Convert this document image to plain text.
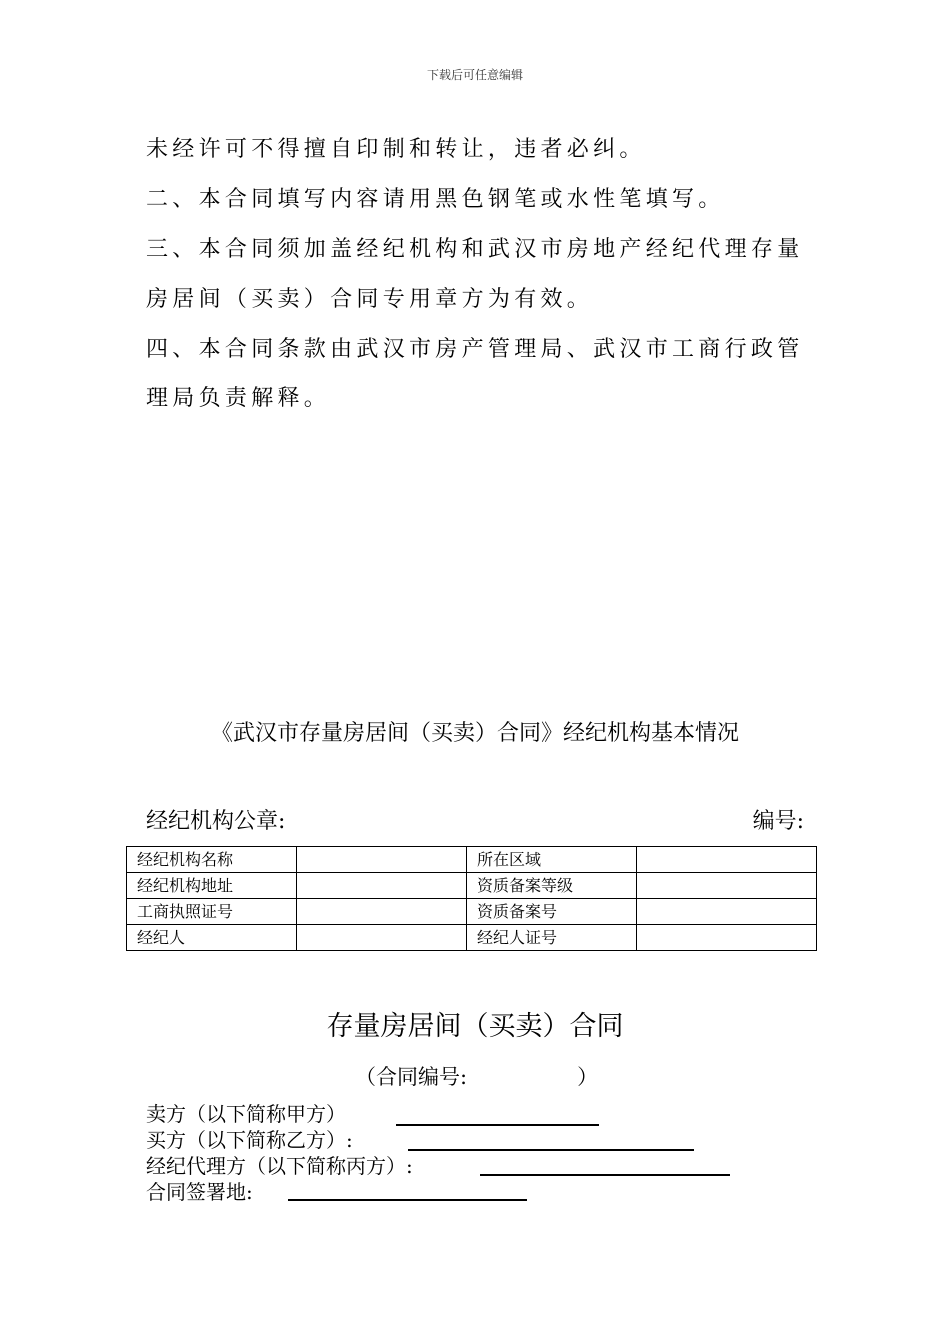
下载后可任意编辑
未经许可不得擅自印制和转让，违者必纠。
二、本合同填写内容请用黑色钢笔或水性笔填写。
三、本合同须加盖经纪机构和武汉市房地产经纪代理存量
房居间（买卖）合同专用章方为有效。
四、本合同条款由武汉市房产管理局、武汉市工商行政管
理局负责解释。
《武汉市存量房居间（买卖）合同》经纪机构基本情况
经纪机构公章:	编号:
经纪机构名称		所在区域	
经纪机构地址		资质备案等级	
工商执照证号		资质备案号	
经纪人		经纪人证号	
存量房居间（买卖）合同
（合同编号:	）
卖方（以下简称甲方）
买方（以下简称乙方）:
经纪代理方（以下简称丙方）:
合同签署地:
